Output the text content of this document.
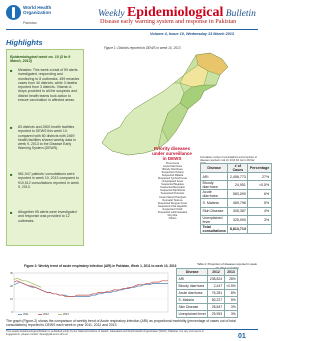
World Health
Organization
Pakistan
Weekly Epidemiological Bulletin
Disease early warning system and response in Pakistan
Volume 4, Issue 10, Wednesday 13 March 2013
Highlights
Epidemiological week no. 10 (3 to 9 March, 2013)
■ Measles: This week a total of 59 alerts investigated, responding and monitoring to 8 outbreaks. 459 measles cases from 40 districts, while 3 deaths reported from 3 districts. Vitamin A drops provided to all the suspects and district health teams took action to ensure vaccination in affected areas.
■ 83 districts and 2500 health facilities reported to DEWS this week 10, compared with 80 districts with 2469 health facilities shared weekly data in week 9, 2013 to the Disease Early Warning System (DEWS).
■ 961,947 patients' consultations were reported in week 10, 2013 compared to 910,512 consultations reported in week 9, 2013.
■ Altogether 95 alerts were investigated and response was provided to 12 outbreaks.
Figure 1: Districts reported to DEWS in week 10, 2013
Priority diseases under surveillance in DEWS
Pneumonia
Acute Diarrhoea
Bloody Diarrhoea
Suspected Cholera
Suspected Malaria
Suspected Typhoid Fever
Unexplained Fever
Suspected Measles
Suspected Meningitis
Suspected Diphtheria
Suspected Pertussis
Acute Flaccid Paralysis
Neonatal Tetanus
Suspected Dengue Fever
Suspected Viral Hepatitis
Suspected CCHF
Suspected Leishmaniasis
Dog bite
Others
Cumulative number of consultations and proportion of diseases reported in wk 10, 2013 (02 Jan to 09 Mar
Disease	# of Cases	Percentage
ARI	2,456,773	27%
Bloody diarrhoea	24,951	<0.5%
Acute diarrhoea	583,090	6%
S. Malaria	469,796	5%
Skin Disease	305,387	4%
Unexplained fever	325,090	3%
Total consultations	8,813,713	
Figure 2: Weekly trend of acute respiratory infection (ARI) in Pakistan, Week 1, 2011 to week 10, 2013
0
10
20
30
2011	2012	2013
Table 2: Proportion of diseases reported in week
Disease	2012	2013
ARI	238,824	28%
Bloody diarrhoea	2,447	<0.5%
Acute diarrhoea	76,281	8%
S. Malaria	50,227	5%
Skin Disease	28,847	3%
Unexplained fever	25,993	3%
The graph (Figure-2) shows the comparison of weekly trend of Acute respiratory infection (ARI) as proportional morbidity (percentage of cases out of total consultations) reported to DEWS each week in year 2011, 2012 and 2013.
This weekly Epidemiological Bulletin is published jointly by the National Institute of Health, Islamabad and World Health Organization (WHO), Pakistan. For any comments or suggestions, please contact: dews@pak.emro.who.int	01
